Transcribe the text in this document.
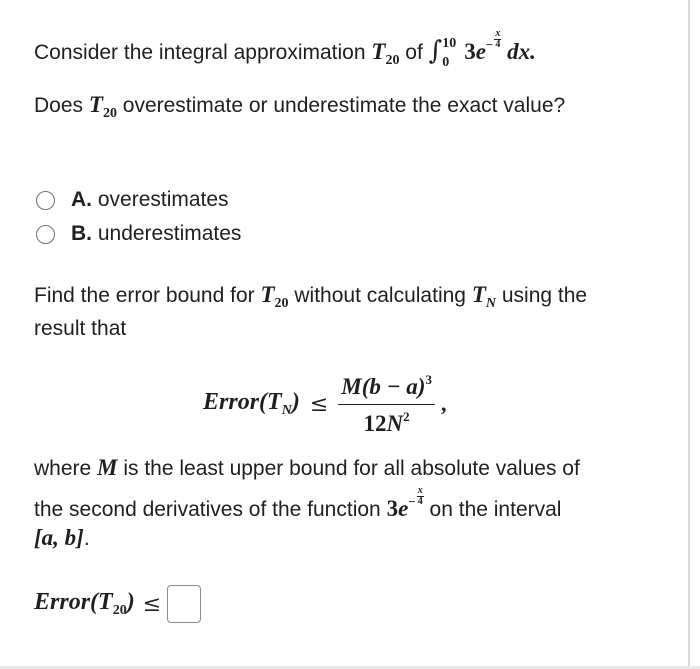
Consider the integral approximation $T_{20}$ of ∫ 10
0 $3e^- \frac{x}{4}$ dx.
Does $T_{20}$ overestimate or underestimate the exact value?
A. overestimates
B. underestimates
Find the error bound for $T_{20}$ without calculating $T_N$ using the
result that
$Error(T_N) \le \frac{M(b - a)^3}{12N^2}$ ,
where M is the least upper bound for all absolute values of
the second derivatives of the function $3e^- \frac{x}{4}$
on the interval
[a, b].
$Error(T_{20})$ ≤
